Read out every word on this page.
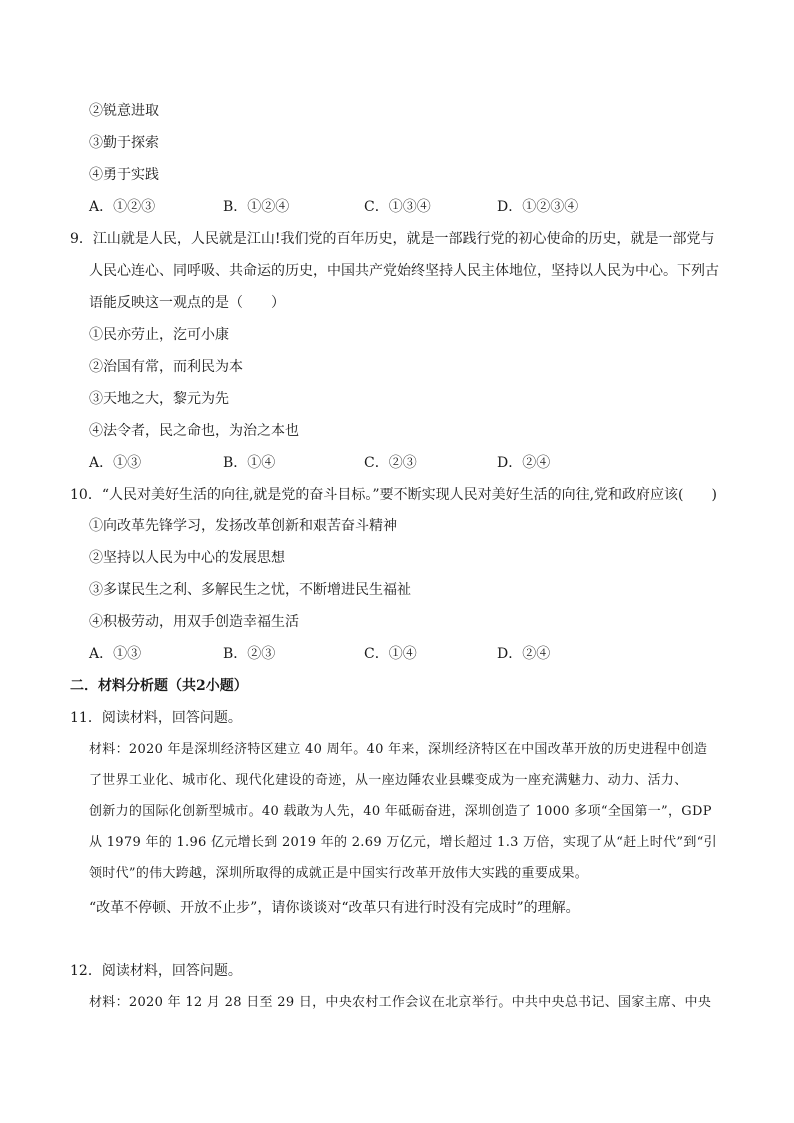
②锐意进取
③勤于探索
④勇于实践
A．①②③	B．①②④	C．①③④	D．①②③④
9．江山就是人民，人民就是江山!我们党的百年历史，就是一部践行党的初心使命的历史，就是一部党与
人民心连心、同呼吸、共命运的历史，中国共产党始终坚持人民主体地位，坚持以人民为中心。下列古
语能反映这一观点的是（　　）
①民亦劳止，汔可小康
②治国有常，而利民为本
③天地之大，黎元为先
④法令者，民之命也，为治之本也
A．①③	B．①④	C．②③	D．②④
10．“人民对美好生活的向往,就是党的奋斗目标。”要不断实现人民对美好生活的向往,党和政府应该(　　)
①向改革先锋学习，发扬改革创新和艰苦奋斗精神
②坚持以人民为中心的发展思想
③多谋民生之利、多解民生之忧，不断增进民生福祉
④积极劳动，用双手创造幸福生活
A．①③	B．②③	C．①④	D．②④
二．材料分析题（共2小题）
11．阅读材料，回答问题。
材料：2020 年是深圳经济特区建立 40 周年。40 年来，深圳经济特区在中国改革开放的历史进程中创造
了世界工业化、城市化、现代化建设的奇迹，从一座边陲农业县蝶变成为一座充满魅力、动力、活力、
创新力的国际化创新型城市。40 载敢为人先，40 年砥砺奋进，深圳创造了 1000 多项“全国第一”，GDP
从 1979 年的 1.96 亿元增长到 2019 年的 2.69 万亿元，增长超过 1.3 万倍，实现了从“赶上时代”到“引
领时代”的伟大跨越，深圳所取得的成就正是中国实行改革开放伟大实践的重要成果。
“改革不停顿、开放不止步”，请你谈谈对“改革只有进行时没有完成时”的理解。
12．阅读材料，回答问题。
材料：2020 年 12 月 28 日至 29 日，中央农村工作会议在北京举行。中共中央总书记、国家主席、中央
